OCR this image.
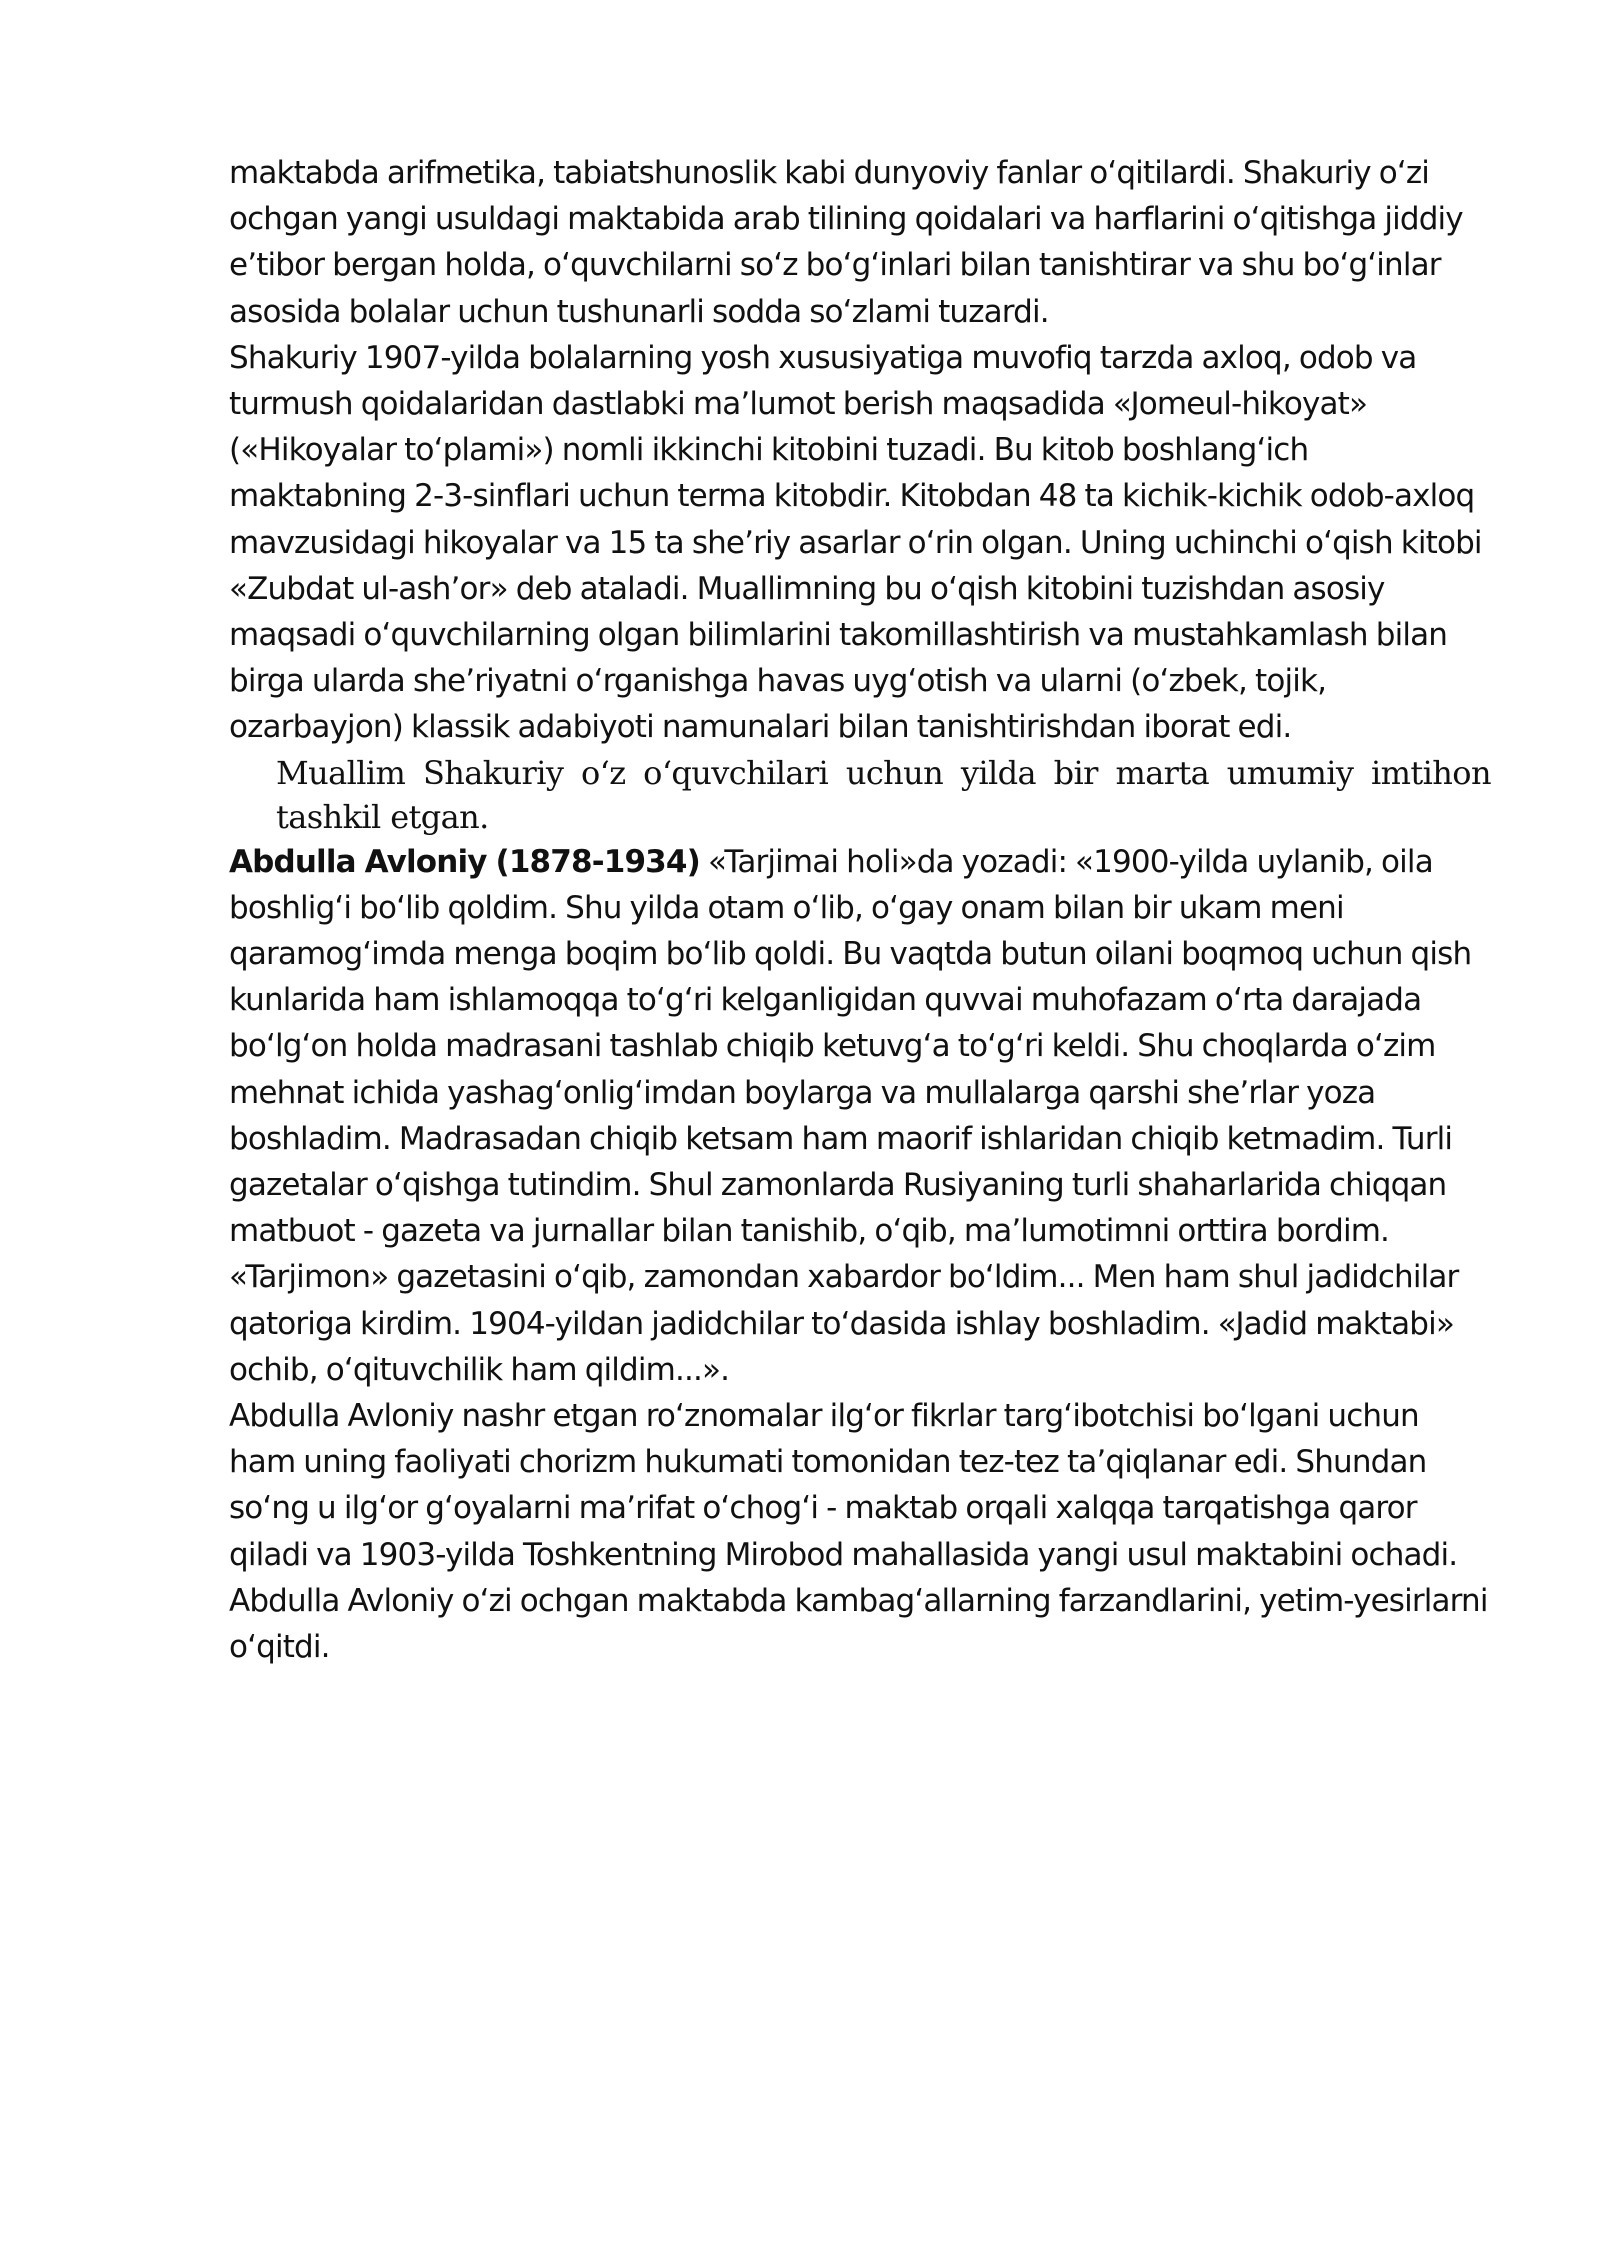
maktabda arifmetika, tabiatshunoslik kabi dunyoviy fanlar oʻqitilardi. Shakuriy oʻzi ochgan yangi usuldagi maktabida arab tilining qoidalari va harflarini oʻqitishga jiddiy eʼtibor bergan holda, oʻquvchilarni soʻz boʻgʻinlari bilan tanishtirar va shu boʻgʻinlar asosida bolalar uchun tushunarli sodda soʻzlami tuzardi.

Shakuriy 1907-yilda bolalarning yosh xususiyatiga muvofiq tarzda axloq, odob va turmush qoidalaridan dastlabki maʼlumot berish maqsadida «Jomeul-hikoyat» («Hikoyalar toʻplami») nomli ikkinchi kitobini tuzadi. Bu kitob boshlangʻich maktabning 2-3-sinflari uchun terma kitobdir. Kitobdan 48 ta kichik-kichik odob-axloq mavzusidagi hikoyalar va 15 ta sheʼriy asarlar oʻrin olgan. Uning uchinchi oʻqish kitobi «Zubdat ul-ashʼor» deb ataladi. Muallimning bu oʻqish kitobini tuzishdan asosiy maqsadi oʻquvchilarning olgan bilimlarini takomillashtirish va mustahkamlash bilan birga ularda sheʼriyatni oʻrganishga havas uygʻotish va ularni (oʻzbek, tojik, ozarbayjon) klassik adabiyoti namunalari bilan tanishtirishdan iborat edi.

Muallim Shakuriy oʻz oʻquvchilari uchun yilda bir marta umumiy imtihon tashkil etgan.

Abdulla Avloniy (1878-1934) «Tarjimai holi»da yozadi: «1900-yilda uylanib, oila boshligʻi boʻlib qoldim. Shu yilda otam oʻlib, oʻgay onam bilan bir ukam meni qaramogʻimda menga boqim boʻlib qoldi. Bu vaqtda butun oilani boqmoq uchun qish kunlarida ham ishlamoqqa toʻgʻri kelganligidan quvvai muhofazam oʻrta darajada boʻlgʻon holda madrasani tashlab chiqib ketuvgʻa toʻgʻri keldi. Shu choqlarda oʻzim mehnat ichida yashagʻonligʻimdan boylarga va mullalarga qarshi sheʼrlar yoza boshladim. Madrasadan chiqib ketsam ham maorif ishlaridan chiqib ketmadim. Turli gazetalar oʻqishga tutindim. Shul zamonlarda Rusiyaning turli shaharlarida chiqqan matbuot - gazeta va jurnallar bilan tanishib, oʻqib, maʼlumotimni orttira bordim. «Tarjimon» gazetasini oʻqib, zamondan xabardor boʻldim... Men ham shul jadidchilar qatoriga kirdim. 1904-yildan jadidchilar toʻdasida ishlay boshladim. «Jadid maktabi» ochib, oʻqituvchilik ham qildim...».

Abdulla Avloniy nashr etgan roʻznomalar ilgʻor fikrlar targʻibotchisi boʻlgani uchun ham uning faoliyati chorizm hukumati tomonidan tez-tez taʼqiqlanar edi. Shundan soʻng u ilgʻor gʻoyalarni maʼrifat oʻchogʻi - maktab orqali xalqqa tarqatishga qaror qiladi va 1903-yilda Toshkentning Mirobod mahallasida yangi usul maktabini ochadi. Abdulla Avloniy oʻzi ochgan maktabda kambagʻallarning farzandlarini, yetim-yesirlarni oʻqitdi.
